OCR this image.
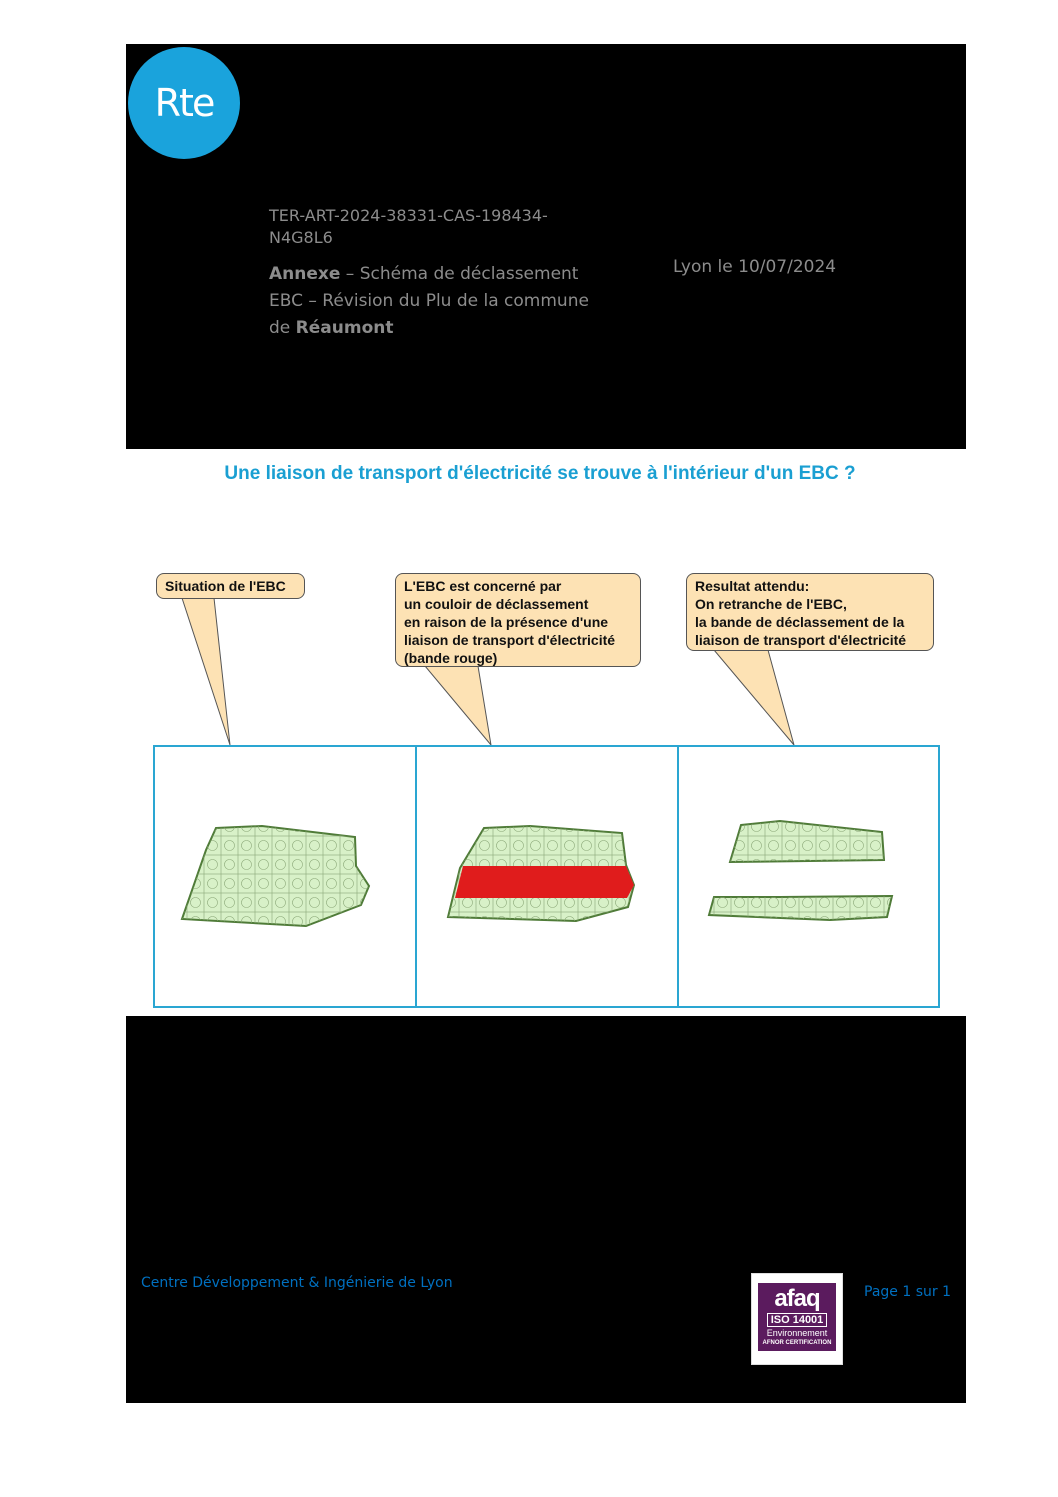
Rte
TER-ART-2024-38331-CAS-198434-
N4G8L6
Annexe – Schéma de déclassement EBC – Révision du Plu de la commune de Réaumont
Lyon le 10/07/2024
Une liaison de transport d'électricité se trouve à l'intérieur d'un EBC ?
Situation de l'EBC	L'EBC est concerné par
un couloir de déclassement
en raison de la présence d'une
liaison de transport d'électricité
(bande rouge)
Resultat attendu:
On retranche de l'EBC,
la bande de déclassement de la
liaison de transport d'électricité
Centre Développement & Ingénierie de Lyon
afaq
ISO 14001
Environnement
AFNOR CERTIFICATION
Page 1 sur 1
